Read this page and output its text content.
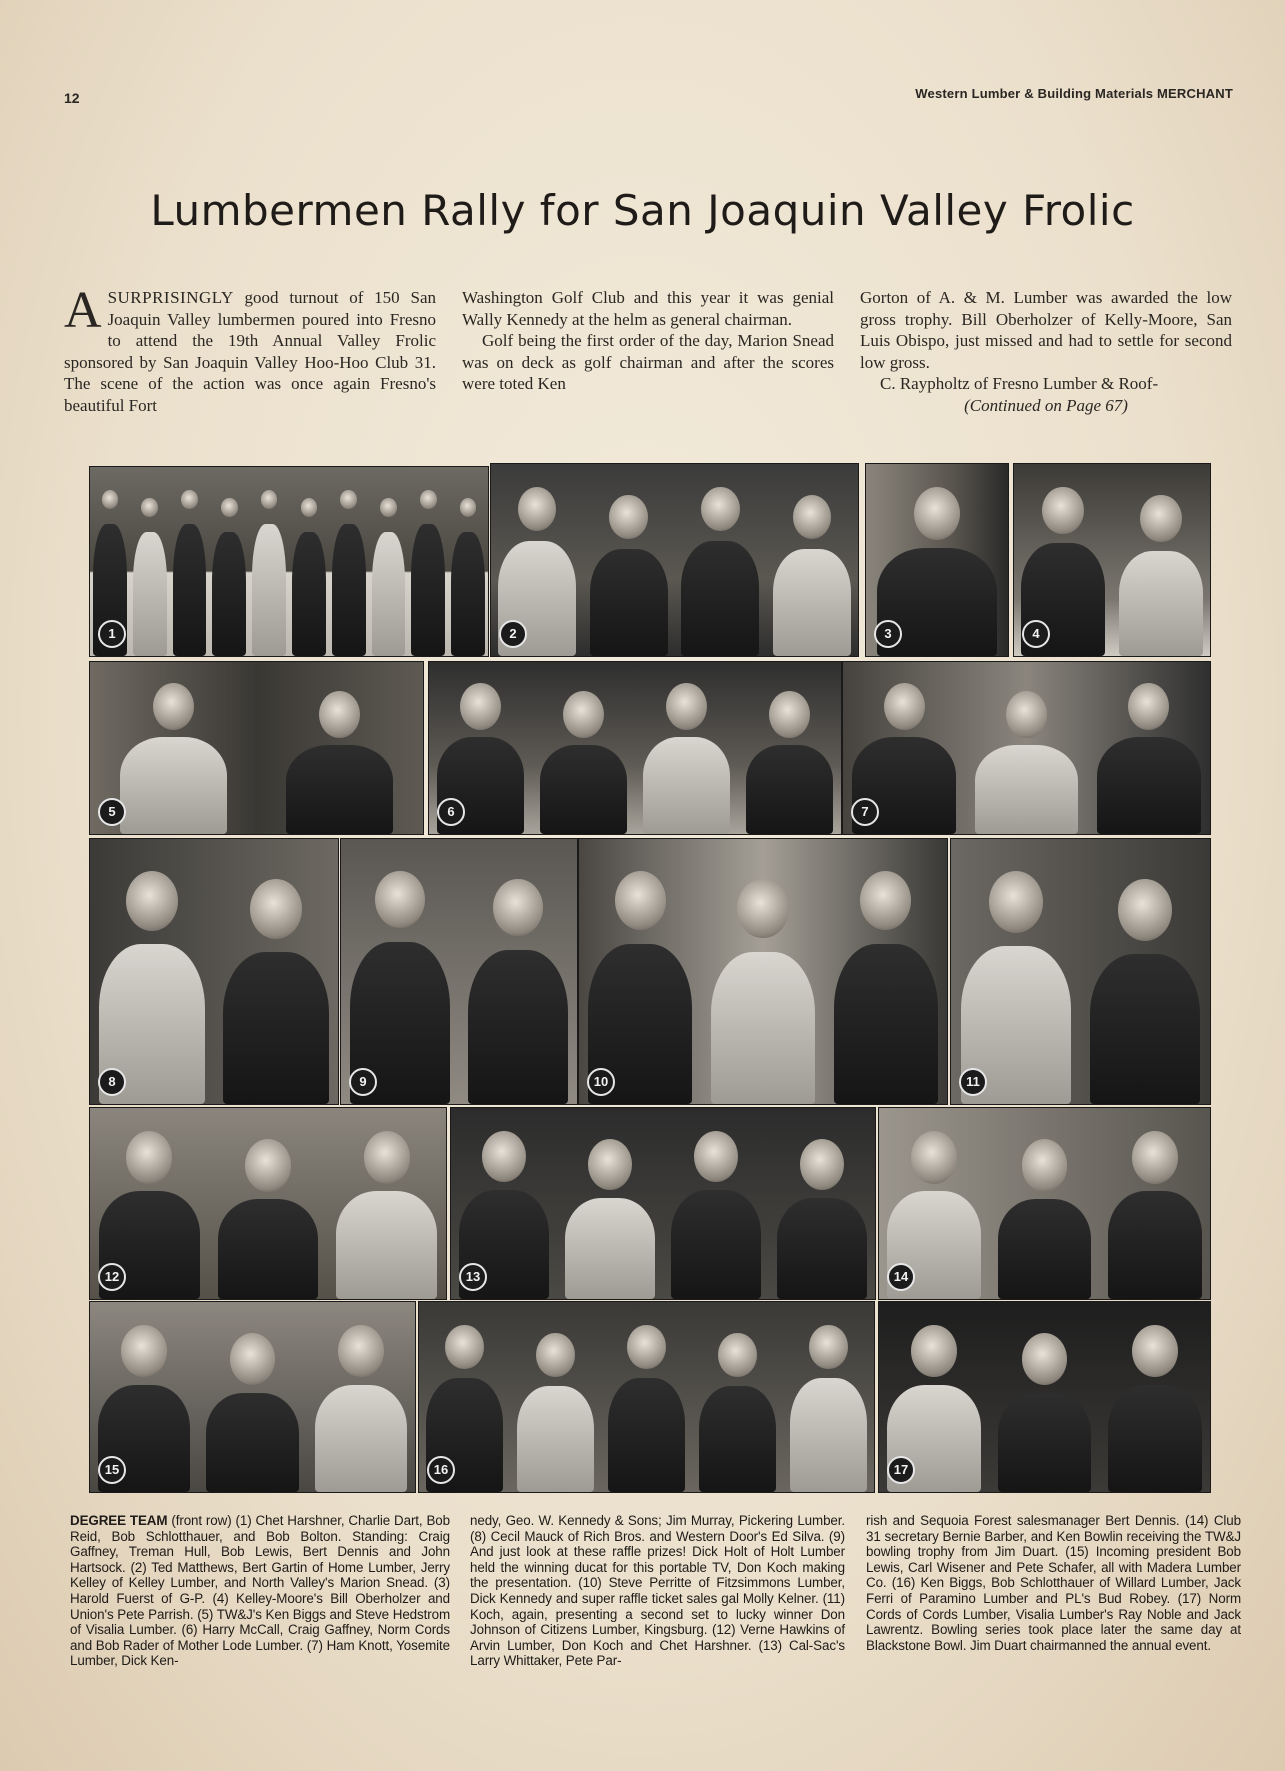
12	Western Lumber & Building Materials MERCHANT
Lumbermen Rally for San Joaquin Valley Frolic

ASURPRISINGLY good turnout of 150 San Joaquin Valley lumbermen poured into Fresno to attend the 19th Annual Valley Frolic sponsored by San Joaquin Valley Hoo-Hoo Club 31. The scene of the action was once again Fresno's beautiful Fort

Washington Golf Club and this year it was genial Wally Kennedy at the helm as general chairman.

Golf being the first order of the day, Marion Snead was on deck as golf chairman and after the scores were toted Ken

Gorton of A. & M. Lumber was awarded the low gross trophy. Bill Oberholzer of Kelly-Moore, San Luis Obispo, just missed and had to settle for second low gross.

C. Raypholtz of Fresno Lumber & Roof-

(Continued on Page 67)

1	2	3	4
5	6	7
8	9	10	11
12	13	14
15	16	17
DEGREE TEAM (front row) (1) Chet Harshner, Charlie Dart, Bob Reid, Bob Schlotthauer, and Bob Bolton. Standing: Craig Gaffney, Treman Hull, Bob Lewis, Bert Dennis and John Hartsock. (2) Ted Matthews, Bert Gartin of Home Lumber, Jerry Kelley of Kelley Lumber, and North Valley's Marion Snead. (3) Harold Fuerst of G-P. (4) Kelley-Moore's Bill Oberholzer and Union's Pete Parrish. (5) TW&J's Ken Biggs and Steve Hedstrom of Visalia Lumber. (6) Harry McCall, Craig Gaffney, Norm Cords and Bob Rader of Mother Lode Lumber. (7) Ham Knott, Yosemite Lumber, Dick Ken-
nedy, Geo. W. Kennedy & Sons; Jim Murray, Pickering Lumber. (8) Cecil Mauck of Rich Bros. and Western Door's Ed Silva. (9) And just look at these raffle prizes! Dick Holt of Holt Lumber held the winning ducat for this portable TV, Don Koch making the presentation. (10) Steve Perritte of Fitzsimmons Lumber, Dick Kennedy and super raffle ticket sales gal Molly Kelner. (11) Koch, again, presenting a second set to lucky winner Don Johnson of Citizens Lumber, Kingsburg. (12) Verne Hawkins of Arvin Lumber, Don Koch and Chet Harshner. (13) Cal-Sac's Larry Whittaker, Pete Par-
rish and Sequoia Forest salesmanager Bert Dennis. (14) Club 31 secretary Bernie Barber, and Ken Bowlin receiving the TW&J bowling trophy from Jim Duart. (15) Incoming president Bob Lewis, Carl Wisener and Pete Schafer, all with Madera Lumber Co. (16) Ken Biggs, Bob Schlotthauer of Willard Lumber, Jack Ferri of Paramino Lumber and PL's Bud Robey. (17) Norm Cords of Cords Lumber, Visalia Lumber's Ray Noble and Jack Lawrentz. Bowling series took place later the same day at Blackstone Bowl. Jim Duart chairmanned the annual event.
